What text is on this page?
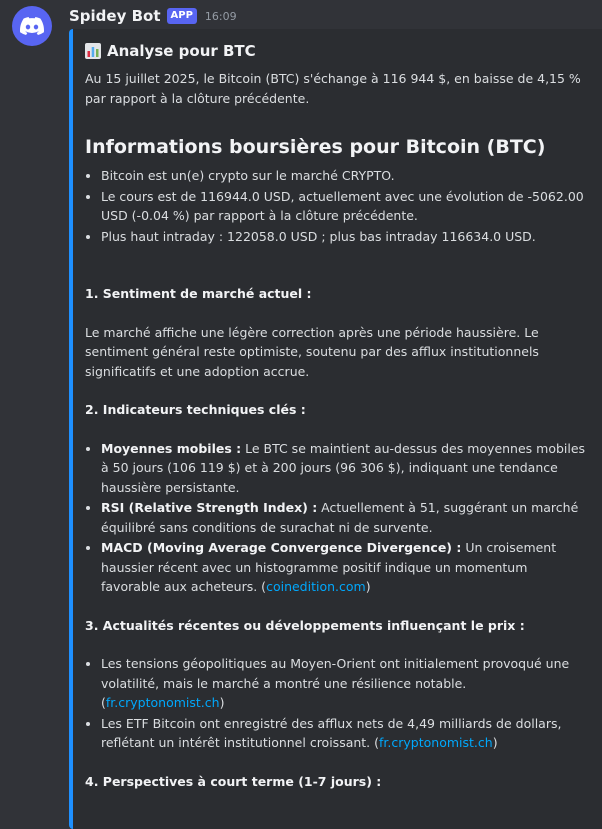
Spidey Bot	APP	16:09
Analyse pour BTC

Au 15 juillet 2025, le Bitcoin (BTC) s'échange à 116 944 $, en baisse de 4,15 % par rapport à la clôture précédente.

Informations boursières pour Bitcoin (BTC)
• Bitcoin est un(e) crypto sur le marché CRYPTO.
• Le cours est de 116944.0 USD, actuellement avec une évolution de -5062.00 USD (-0.04 %) par rapport à la clôture précédente.
• Plus haut intraday : 122058.0 USD ; plus bas intraday 116634.0 USD.

1. Sentiment de marché actuel :

Le marché affiche une légère correction après une période haussière. Le sentiment général reste optimiste, soutenu par des afflux institutionnels significatifs et une adoption accrue.

2. Indicateurs techniques clés :

• Moyennes mobiles : Le BTC se maintient au-dessus des moyennes mobiles à 50 jours (106 119 $) et à 200 jours (96 306 $), indiquant une tendance haussière persistante.
• RSI (Relative Strength Index) : Actuellement à 51, suggérant un marché équilibré sans conditions de surachat ni de survente.
• MACD (Moving Average Convergence Divergence) : Un croisement haussier récent avec un histogramme positif indique un momentum favorable aux acheteurs. (coinedition.com)

3. Actualités récentes ou développements influençant le prix :

• Les tensions géopolitiques au Moyen-Orient ont initialement provoqué une volatilité, mais le marché a montré une résilience notable. (fr.cryptonomist.ch)
• Les ETF Bitcoin ont enregistré des afflux nets de 4,49 milliards de dollars, reflétant un intérêt institutionnel croissant. (fr.cryptonomist.ch)

4. Perspectives à court terme (1-7 jours) :
